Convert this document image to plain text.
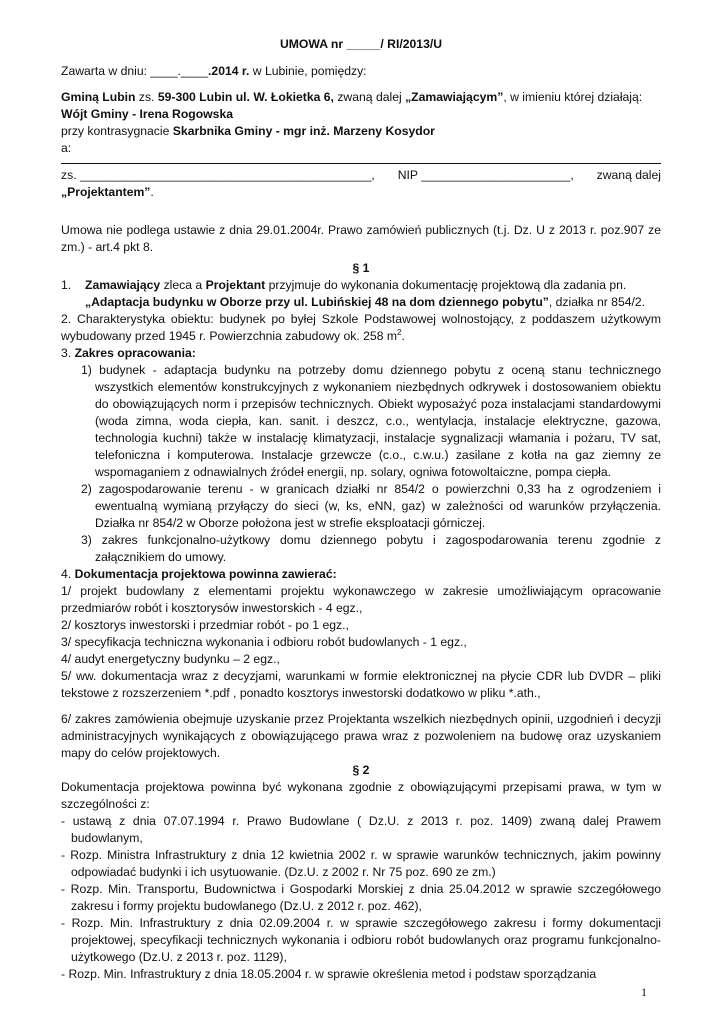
UMOWA nr _____/ RI/2013/U

Zawarta w dniu: ____.____.2014 r. w Lubinie, pomiędzy:

Gminą Lubin zs. 59-300 Lubin ul. W. Łokietka 6, zwaną dalej „Zamawiającym”, w imieniu której działają:

Wójt Gminy - Irena Rogowska

przy kontrasygnacie Skarbnika Gminy - mgr inż. Marzeny Kosydor

a:

zs. ___________________________________________, NIP ______________________, zwaną dalej

„Projektantem”.

Umowa nie podlega ustawie z dnia 29.01.2004r. Prawo zamówień publicznych (t.j. Dz. U z 2013 r. poz.907 ze zm.) - art.4 pkt 8.

§ 1

1.	Zamawiający zleca a Projektant przyjmuje do wykonania dokumentację projektową dla zadania pn.
„Adaptacja budynku w Oborze przy ul. Lubińskiej 48 na dom dziennego pobytu”, działka nr 854/2.

2. Charakterystyka obiektu: budynek po byłej Szkole Podstawowej wolnostojący, z poddaszem użytkowym wybudowany przed 1945 r. Powierzchnia zabudowy ok. 258 $m^2$.

3. Zakres opracowania:

1) budynek - adaptacja budynku na potrzeby domu dziennego pobytu z oceną stanu technicznego wszystkich elementów konstrukcyjnych z wykonaniem niezbędnych odkrywek i dostosowaniem obiektu do obowiązujących norm i przepisów technicznych. Obiekt wyposażyć poza instalacjami standardowymi (woda zimna, woda ciepła, kan. sanit. i deszcz, c.o., wentylacja, instalacje elektryczne, gazowa, technologia kuchni) także w instalację klimatyzacji, instalacje sygnalizacji włamania i pożaru, TV sat, telefoniczna i komputerowa. Instalacje grzewcze (c.o., c.w.u.) zasilane z kotła na gaz ziemny ze wspomaganiem z odnawialnych źródeł energii, np. solary, ogniwa fotowoltaiczne, pompa ciepła.

2) zagospodarowanie terenu - w granicach działki nr 854/2 o powierzchni 0,33 ha z ogrodzeniem i ewentualną wymianą przyłączy do sieci (w, ks, eNN, gaz) w zależności od warunków przyłączenia. Działka nr 854/2 w Oborze położona jest w strefie eksploatacji górniczej.

3) zakres funkcjonalno-użytkowy domu dziennego pobytu i zagospodarowania terenu zgodnie z załącznikiem do umowy.

4. Dokumentacja projektowa powinna zawierać:

1/ projekt budowlany z elementami projektu wykonawczego w zakresie umożliwiającym opracowanie przedmiarów robót i kosztorysów inwestorskich - 4 egz.,

2/ kosztorys inwestorski i przedmiar robót - po 1 egz.,

3/ specyfikacja techniczna wykonania i odbioru robót budowlanych - 1 egz.,

4/ audyt energetyczny budynku – 2 egz.,

5/ ww. dokumentacja wraz z decyzjami, warunkami w formie elektronicznej na płycie CDR lub DVDR – pliki tekstowe z rozszerzeniem *.pdf , ponadto kosztorys inwestorski dodatkowo w pliku *.ath.,

6/ zakres zamówienia obejmuje uzyskanie przez Projektanta wszelkich niezbędnych opinii, uzgodnień i decyzji administracyjnych wynikających z obowiązującego prawa wraz z pozwoleniem na budowę oraz uzyskaniem mapy do celów projektowych.

§ 2

Dokumentacja projektowa powinna być wykonana zgodnie z obowiązującymi przepisami prawa, w tym w szczególności z:

- ustawą z dnia 07.07.1994 r. Prawo Budowlane ( Dz.U. z 2013 r. poz. 1409) zwaną dalej Prawem budowlanym,

- Rozp. Ministra Infrastruktury z dnia 12 kwietnia 2002 r. w sprawie warunków technicznych, jakim powinny odpowiadać budynki i ich usytuowanie. (Dz.U. z 2002 r. Nr 75 poz. 690 ze zm.)

- Rozp. Min. Transportu, Budownictwa i Gospodarki Morskiej z dnia 25.04.2012 w sprawie szczegółowego zakresu i formy projektu budowlanego (Dz.U. z 2012 r. poz. 462),

- Rozp. Min. Infrastruktury z dnia 02.09.2004 r. w sprawie szczegółowego zakresu i formy dokumentacji projektowej, specyfikacji technicznych wykonania i odbioru robót budowlanych oraz programu funkcjonalno-użytkowego (Dz.U. z 2013 r. poz. 1129),

- Rozp. Min. Infrastruktury z dnia 18.05.2004 r. w sprawie określenia metod i podstaw sporządzania

1
